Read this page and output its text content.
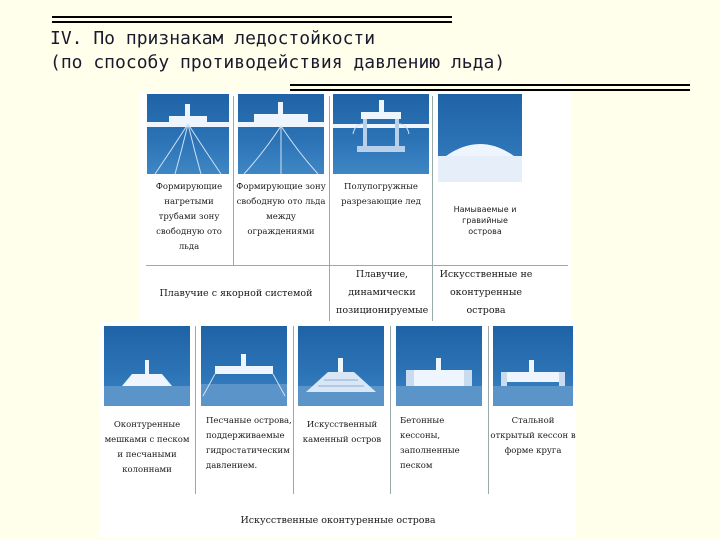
IV. По признакам ледостойкости
(по способу противодействия давлению льда)
Формирующие нагретыми трубами зону свободную ото льда
Формирующие зону свободную ото льда между ограждениями
Полупогружные разрезающие лед
Намываемые и гравийные острова
Плавучие с якорной системой
Плавучие, динамически позиционируемые
Искусственные не оконтуренные острова
Оконтуренные мешками с песком и песчаными колоннами
Песчаные острова, поддерживаемые гидростатическим давлением.
Искусственный каменный остров
Бетонные кессоны, заполненные песком
Стальной открытый кессон в форме круга
Искусственные оконтуренные острова
